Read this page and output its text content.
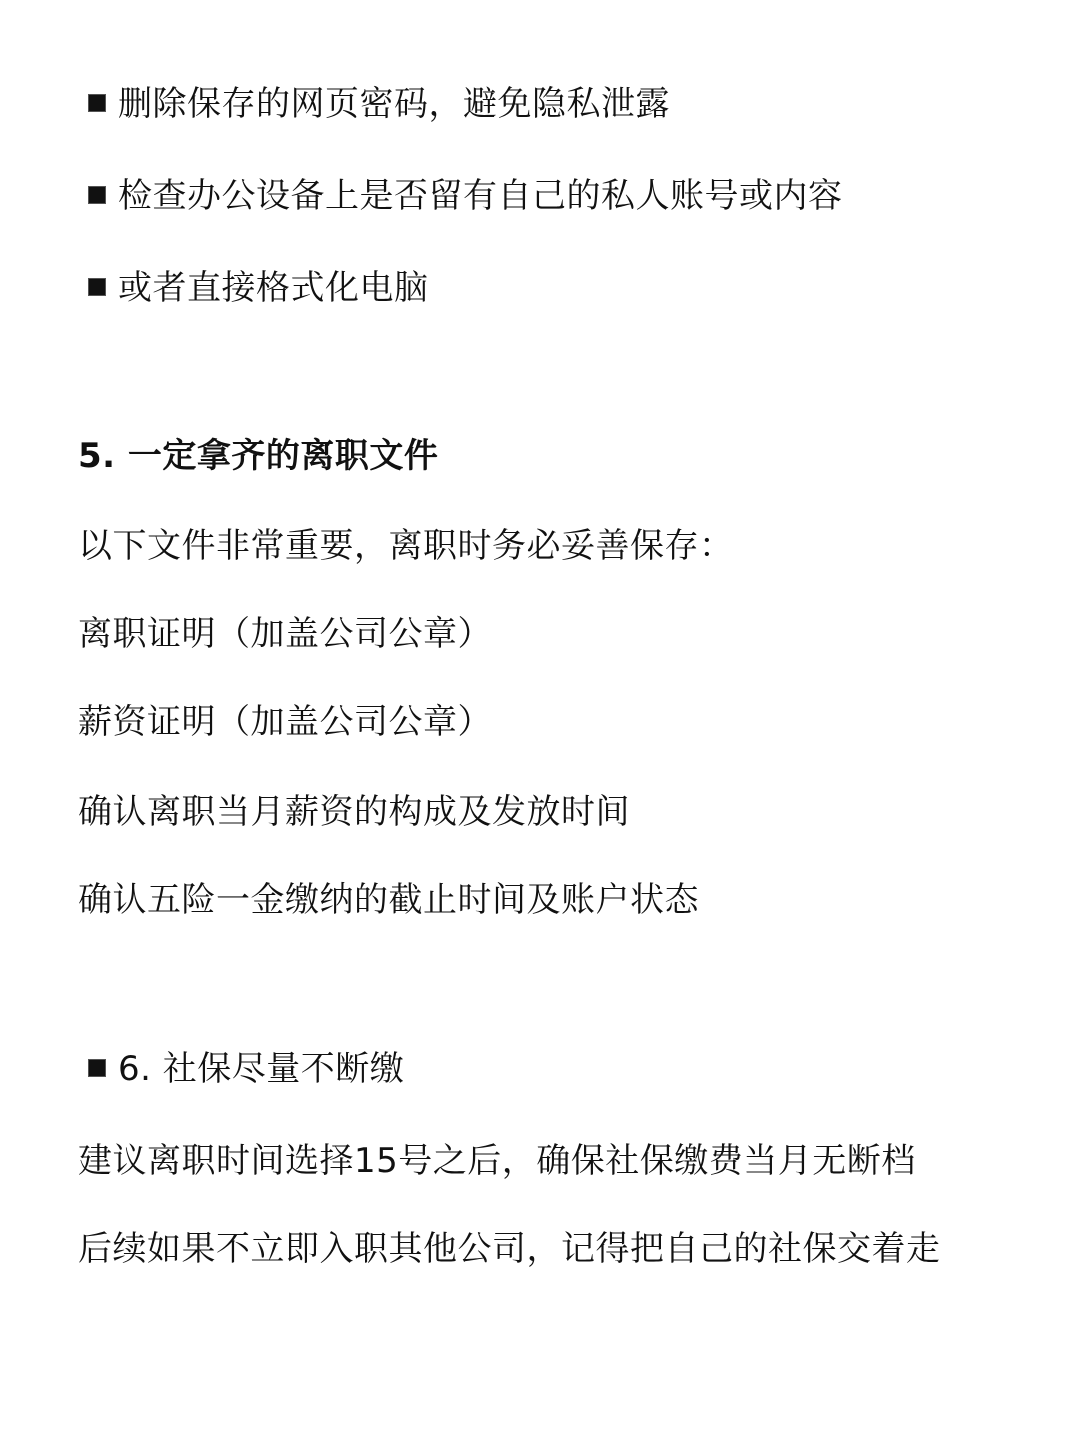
删除保存的网页密码，避免隐私泄露
检查办公设备上是否留有自己的私人账号或内容
或者直接格式化电脑
5. 一定拿齐的离职文件
以下文件非常重要，离职时务必妥善保存：
离职证明（加盖公司公章）
薪资证明（加盖公司公章）
确认离职当月薪资的构成及发放时间
确认五险一金缴纳的截止时间及账户状态
6. 社保尽量不断缴
建议离职时间选择15号之后，确保社保缴费当月无断档
后续如果不立即入职其他公司，记得把自己的社保交着走
